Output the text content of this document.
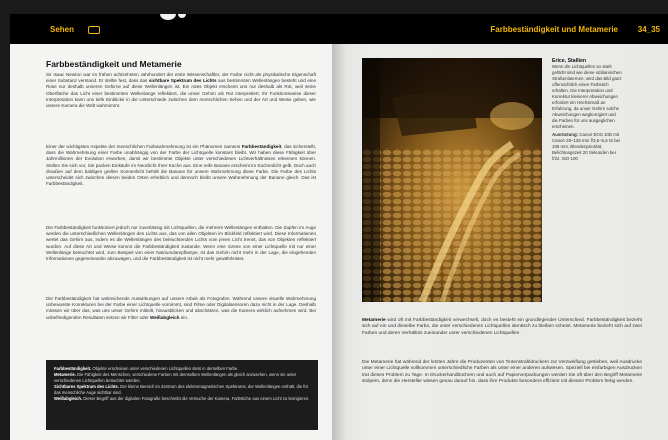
Sehen
Farbbeständigkeit und Metamerie
Sir Isaac Newton war im frühen achtzehnten Jahrhundert der erste Wissenschaftler, der Farbe nicht als physikalische Eigenschaft einer Substanz verstand. Er stellte fest, dass das sichtbare Spektrum des Lichts aus bestimmten Wellenlängen besteht und eine Rose nur deshalb unseren Gehirne auf diese Wellenlängen ist. Ein rotes Objekt erscheint uns nur deshalb als Rot, weil seine Oberfläche das Licht einer bestimmten Wellenlänge reflektiert, die unser Gehirn als Rot interpretiert. Ihr Funktionsweise dieser Interpretation kann uns tiefe Einblicke in die Unterschiede zwischen dem menschlichen Sehen und der Art und Weise geben, wie unsere Kamera die Welt wahrnimmt.
Einer der wichtigsten Aspekte der menschlichen Farbwahrnehmung ist ein Phänomen namens Farbbeständigkeit, das sicherstellt, dass die Wahrnehmung einer Farbe unabhängig von der Farbe der Lichtquelle konstant bleibt. Wir haben diese Fähigkeit über Jahrmillionen der Evolution erworben, damit wir bestimmte Objekte unter verschiedenen Lichtverhältnissen erkennen können. Stellen Sie sich vor, Sie packen Einkäufe im Neonlicht Ihrer Küche aus. Eine reife Banane erscheint im Küchenlicht gelb. Doch auch draußen auf dem baldigen grellen Sonnenlicht behält die Banane für unsere Wahrnehmung diese Farbe. Die Farbe des Lichts unterscheidet sich zwischen diesen beiden Orten erheblich und dennoch bleibt unsere Wahrnehmung der Banane gleich. Das ist Farbbeständigkeit.
Die Farbbeständigkeit funktioniert jedoch nur zuverlässig mit Lichtquellen, die mehrere Wellenlängen enthalten. Die Zapfen im Auge werden die unterschiedlichen Wellenlängen des Lichts aus, das von allen Objekten im Blickfeld reflektiert wird. Diese Informationen wertet das Gehirn aus, indem es die Wellenlängen des beleuchtenden Lichts vom jenen Licht trennt, das von Objekten reflektiert wurden. Auf diese Art und Weise kommt die Farbbeständigkeit zustande. Wenn eine Szene von einer Lichtquelle mit nur einer Wellenlänge beleuchtet wird, zum Beispiel von einer Natriumdampflampe, ist das Gehirn nicht mehr in der Lage, die eingehenden Informationen gegeneinander abzuwägen, und die Farbbeständigkeit ist nicht mehr gewährleistet.
Die Farbbeständigkeit hat weitreichende Auswirkungen auf unsere Arbeit als Fotografen. Während unsere visuelle Wahrnehmung unbewusste Korrekturen bei der Farbe einer Lichtquelle vornimmt, sind Filme oder Digitalsensoren dazu nicht in der Lage. Deshalb müssen wir über das, was uns unser Gehirn mitteilt, hinausblicken und abschätzen, was die Kamera wirklich aufnehmen wird. Bei unbefriedigenden Resultaten setzen wir Filter oder Weißabgleich ein.
Farbbeständigkeit. Objekte erscheinen unter verschiedenen Lichtquellen stets in derselben Farbe.
Metamerie. Die Fähigkeit des Menschen, verschiedene Farben mit demselben Wellenlängen als gleich anzusehen, wenn sie unter verschiedenen Lichtquellen betrachtet werden.
Sichtbares Spektrum des Lichts. Der kleine Bereich im Zentrum des elektromagnetischen Spektrums, der Wellenlängen enthält, die für das menschliche Auge sichtbar sind.
Weißabgleich. Dieser Begriff aus der digitalen Fotografie beschreibt die Versuche der Kamera, Farbstiche aus einem Licht zu korrigieren.
Farbbeständigkeit und Metamerie 34_35
Erice, Stallien
Wenn die Lichtquellen so stark gefärbt sind wie diese sizilianischen Straßenlaternen, wird das Bild ganz offensichtlich einen Farbstich erhalten. Die Interpretation und Korrektur kleinerer Abweichungen erfordert ein Höchstmaß an Erfahrung, da unser Gehirn solche Abweichungen wegkorrigiert und die Farben für uns ausgeglichen erscheinen.
Ausrüstung: Canon EOS 10D mit Canon 28–135 mm f/3,5–5,6 IS bei 105 mm, Blendenpriorität, Belichtungszeit 20 Sekunden bei f/22, ISO 100
Metamerie wird oft mit Farbbeständigkeit verwechselt, doch es besteht ein grundlegender Unterschied. Farbbeständigkeit bezieht sich auf ein und dieselbe Farbe, die unter verschiedenen Lichtquellen identisch zu bleiben scheint. Metamerie bezieht sich auf zwei Farben und deren Verhältnis zueinander unter verschiedenen Lichtquellen.
Die Metamerie hat während der letzten Jahre die Produzenten von Tintenstrahldruckern zur Verzweiflung getrieben, weil Ausdrucke unter einer Lichtquelle vollkommen unterschiedliche Farben als unter einer anderen aufwiesen. Speziell bei einfarbigen Ausdrucken trat dieses Problem zu Tage. In Druckerhandbüchern und auch auf Papierverpackungen werden Sie oft über den Begriff Metamerie stolpern, denn die Hersteller wissen genau darauf hin, dass ihre Produkte besonders effizient mit diesem Problem fertig werden.
